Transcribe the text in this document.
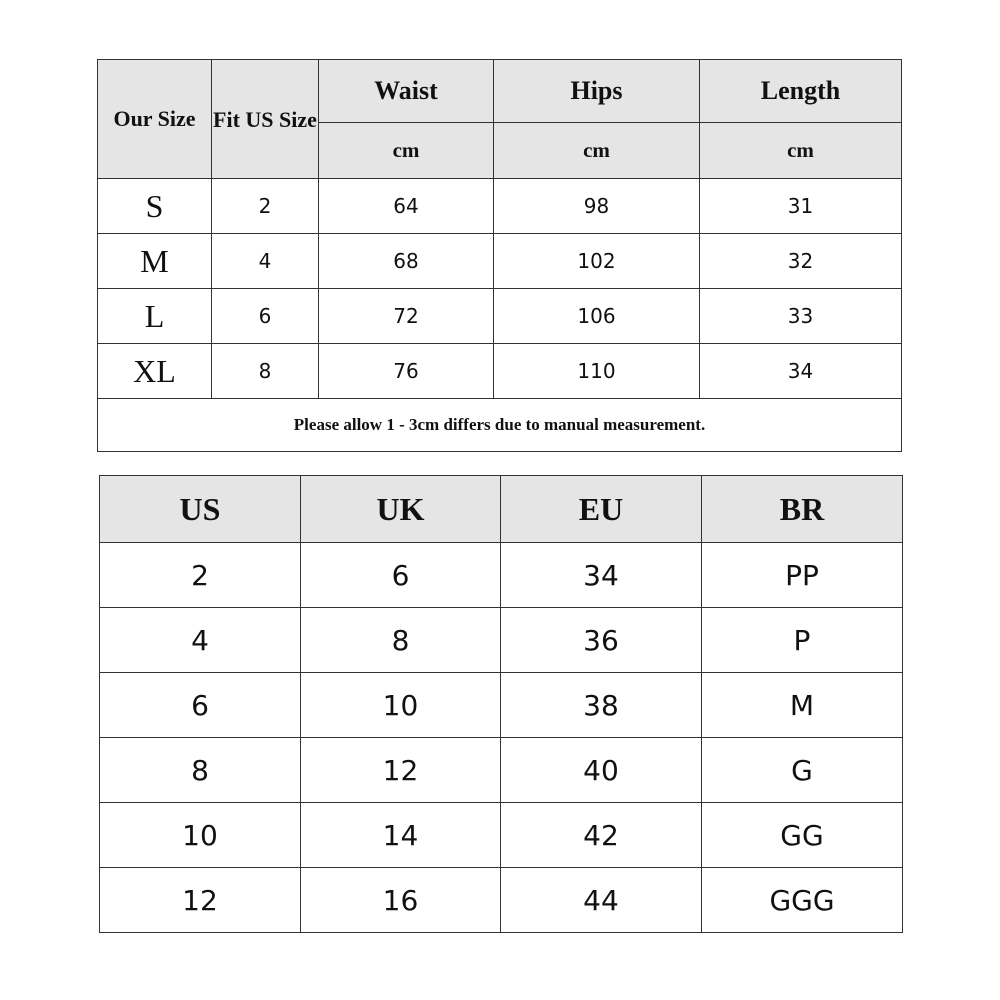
Our Size	Fit US Size	Waist	Hips	Length
		cm	cm	cm
S	2	64	98	31
M	4	68	102	32
L	6	72	106	33
XL	8	76	110	34
Please allow 1 - 3cm differs due to manual measurement.				
US	UK	EU	BR
2	6	34	PP
4	8	36	P
6	10	38	M
8	12	40	G
10	14	42	GG
12	16	44	GGG
